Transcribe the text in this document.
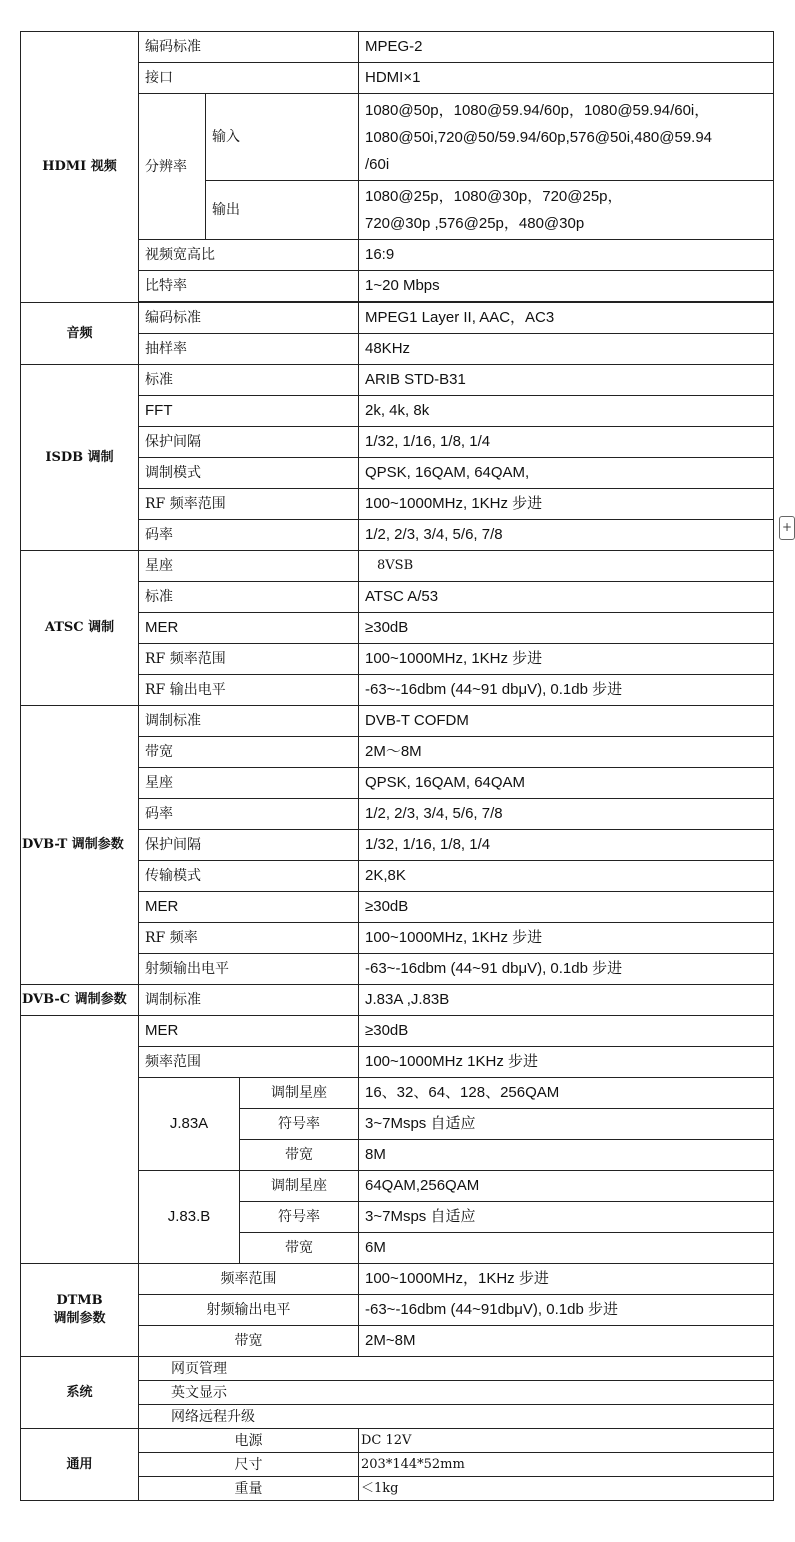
HDMI 视频	编码标准			MPEG-2
	接口			HDMI×1
	分辨率	输入		1080@50p，1080@59.94/60p，1080@59.94/60i，
1080@50i,720@50/59.94/60p,576@50i,480@59.94
/60i

		输出		1080@25p，1080@30p，720@25p，
720@30p ,576@25p，480@30p

	视频宽高比			16:9
	比特率			1~20 Mbps

音频	编码标准			MPEG1 Layer II, AAC，AC3
	抽样率			48KHz
ISDB 调制	标准			ARIB STD-B31
	FFT			2k, 4k, 8k
	保护间隔			1/32, 1/16, 1/8, 1/4
	调制模式			QPSK, 16QAM, 64QAM,
	RF 频率范围			100~1000MHz, 1KHz 步进
	码率			1/2, 2/3, 3/4, 5/6, 7/8
ATSC 调制	星座			8VSB
	标准			ATSC A/53
	MER			≥30dB
	RF 频率范围			100~1000MHz, 1KHz 步进
	RF 输出电平			-63~-16dbm (44~91 dbμV), 0.1db 步进
DVB-T 调制参数	调制标准			DVB-T COFDM
	带宽			2M～8M
	星座			QPSK, 16QAM, 64QAM
	码率			1/2, 2/3, 3/4, 5/6, 7/8
	保护间隔			1/32, 1/16, 1/8, 1/4
	传输模式			2K,8K
	MER			≥30dB
	RF 频率			100~1000MHz, 1KHz 步进
	射频输出电平			-63~-16dbm (44~91 dbμV), 0.1db 步进
DVB-C 调制参数	调制标准			J.83A ,J.83B
	MER			≥30dB
	频率范围			100~1000MHz 1KHz 步进
	J.83A		调制星座	16、32、64、128、256QAM
			符号率	3~7Msps 自适应
			带宽	8M
	J.83.B		调制星座	64QAM,256QAM
			符号率	3~7Msps 自适应
			带宽	6M

DTMB
调制参数	频率范围			100~1000MHz，1KHz 步进
	射频输出电平			-63~-16dbm (44~91dbμV), 0.1db 步进
	带宽			2M~8M
系统	网页管理			
	英文显示			
	网络远程升级			
通用	电源			DC 12V
	尺寸			203*144*52mm
	重量			＜1kg
+
